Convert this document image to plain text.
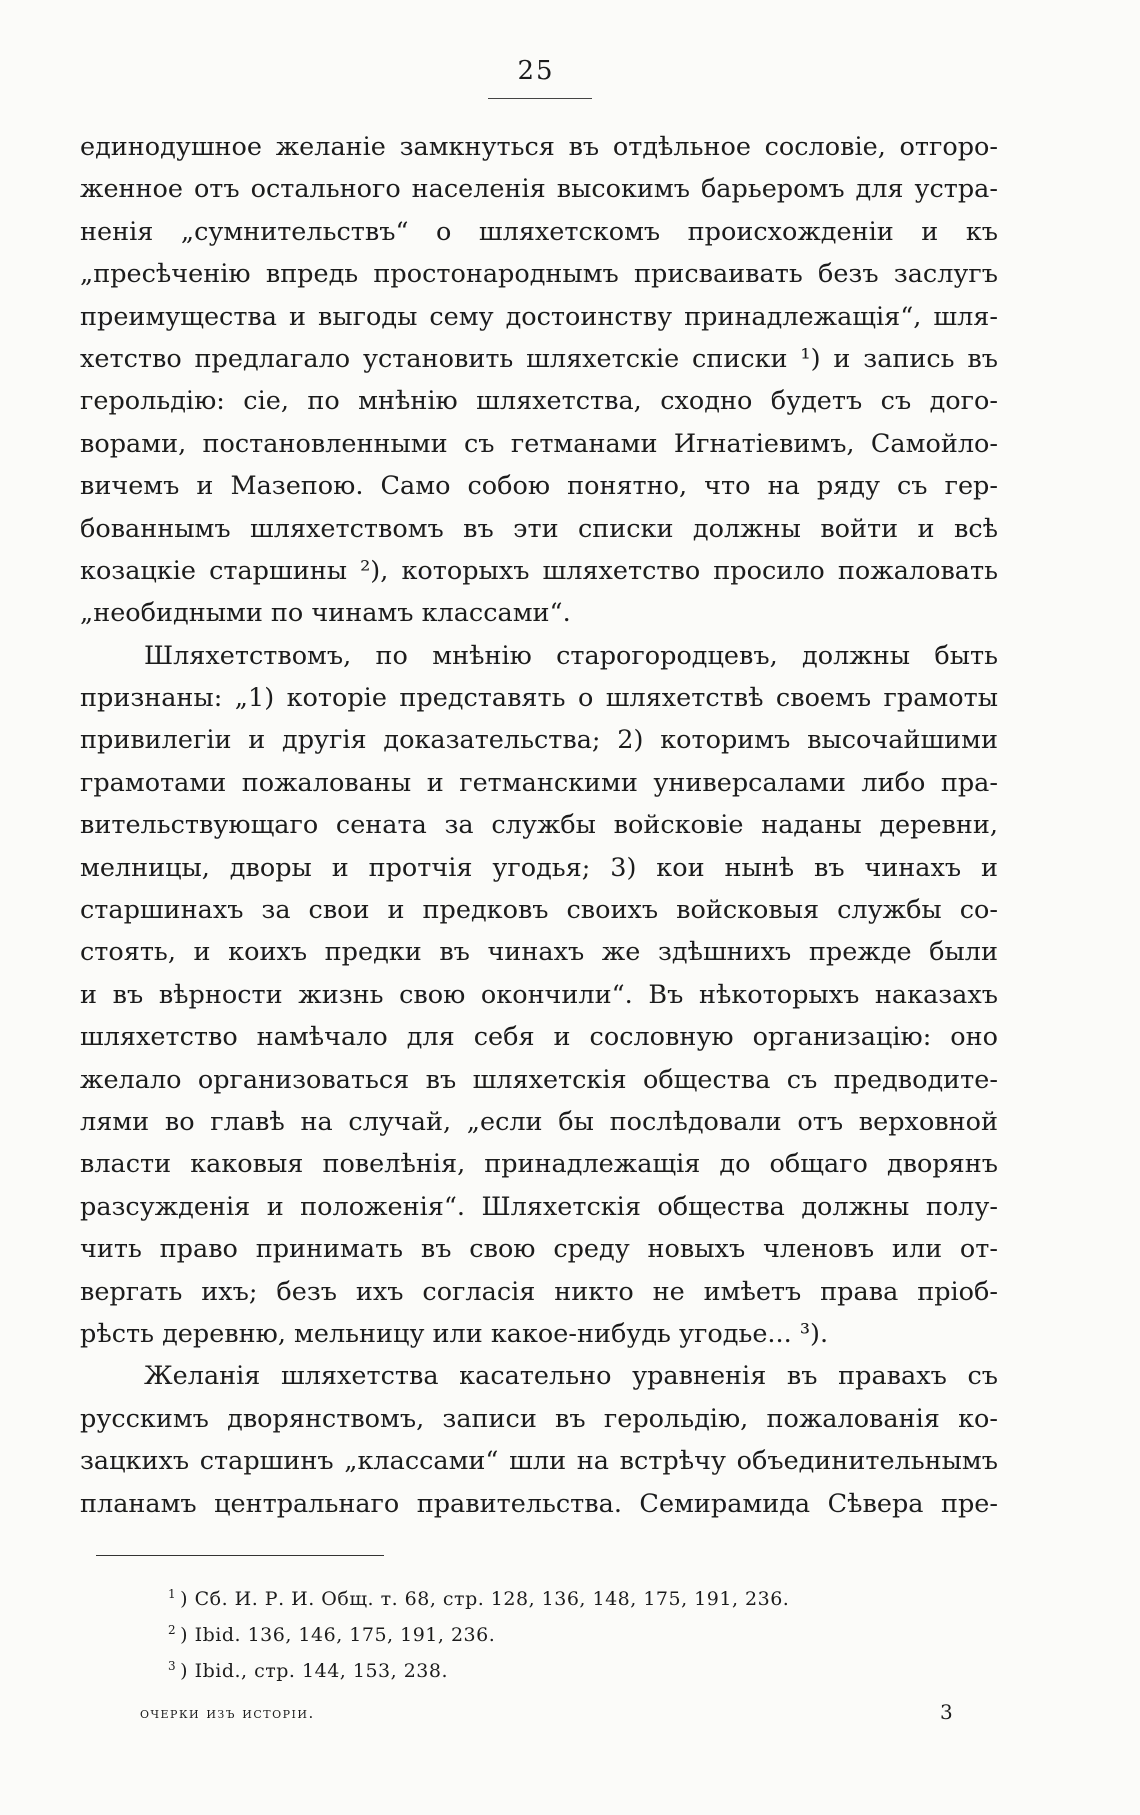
25
единодушное желаніе замкнуться въ отдѣльное сословіе, отгоро-
женное отъ остального населенія высокимъ барьеромъ для устра-
ненія „сумнительствъ“ о шляхетскомъ происхожденіи и къ
„пресѣченію впредь простонароднымъ присваивать безъ заслугъ
преимущества и выгоды сему достоинству принадлежащія“, шля-
хетство предлагало установить шляхетскіе списки ¹) и запись въ
герольдію: сіе, по мнѣнію шляхетства, сходно будетъ съ дого-
ворами, постановленными съ гетманами Игнатіевимъ, Самойло-
вичемъ и Мазепою. Само собою понятно, что на ряду съ гер-
бованнымъ шляхетствомъ въ эти списки должны войти и всѣ
козацкіе старшины ²), которыхъ шляхетство просило пожаловать
„необидными по чинамъ классами“.
Шляхетствомъ, по мнѣнію старогородцевъ, должны быть
признаны: „1) которіе представять о шляхетствѣ своемъ грамоты
привилегіи и другія доказательства; 2) которимъ высочайшими
грамотами пожалованы и гетманскими универсалами либо пра-
вительствующаго сената за службы войсковіе наданы деревни,
мелницы, дворы и протчія угодья; 3) кои нынѣ въ чинахъ и
старшинахъ за свои и предковъ своихъ войсковыя службы со-
стоять, и коихъ предки въ чинахъ же здѣшнихъ прежде были
и въ вѣрности жизнь свою окончили“. Въ нѣкоторыхъ наказахъ
шляхетство намѣчало для себя и сословную организацію: оно
желало организоваться въ шляхетскія общества съ предводите-
лями во главѣ на случай, „если бы послѣдовали отъ верховной
власти каковыя повелѣнія, принадлежащія до общаго дворянъ
разсужденія и положенія“. Шляхетскія общества должны полу-
чить право принимать въ свою среду новыхъ членовъ или от-
вергать ихъ; безъ ихъ согласія никто не имѣетъ права пріоб-
рѣсть деревню, мельницу или какое-нибудь угодье... ³).
Желанія шляхетства касательно уравненія въ правахъ съ
русскимъ дворянствомъ, записи въ герольдію, пожалованія ко-
зацкихъ старшинъ „классами“ шли на встрѣчу объединительнымъ
планамъ центральнаго правительства. Семирамида Сѣвера пре-
$^1$ ) Сб. И. Р. И. Общ. т. 68, стр. 128, 136, 148, 175, 191, 236.
$^2$ ) Ibid. 136, 146, 175, 191, 236.
$^3$ ) Ibid., стр. 144, 153, 238.
очерки изъ исторіи.	3
